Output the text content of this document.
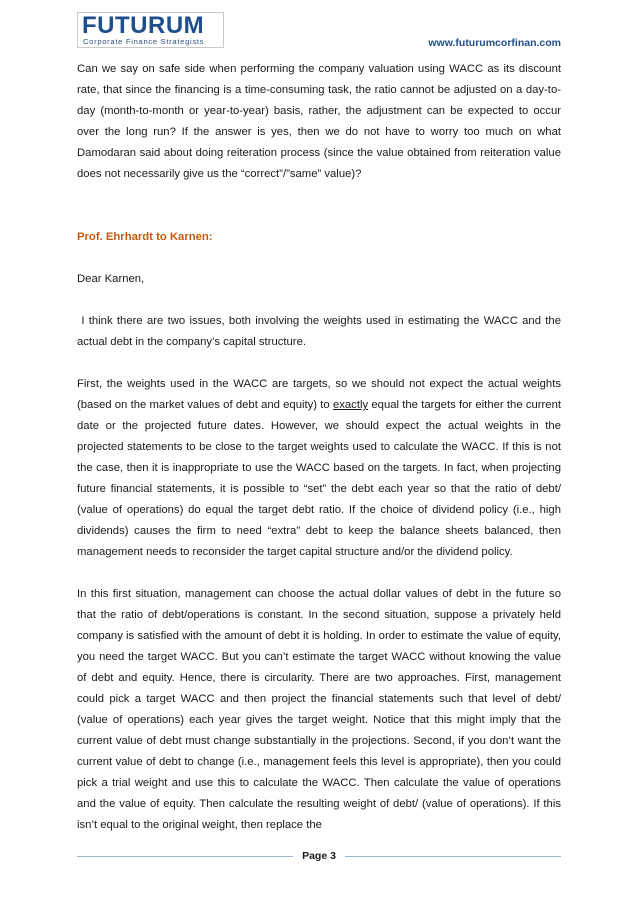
FUTURUM
Corporate Finance Strategists	www.futurumcorfinan.com

Can we say on safe side when performing the company valuation using WACC as its discount rate, that since the financing is a time-consuming task, the ratio cannot be adjusted on a day-to-day (month-to-month or year-to-year) basis, rather, the adjustment can be expected to occur over the long run? If the answer is yes, then we do not have to worry too much on what Damodaran said about doing reiteration process (since the value obtained from reiteration value does not necessarily give us the “correct”/”same” value)?

Prof. Ehrhardt to Karnen:

Dear Karnen,

I think there are two issues, both involving the weights used in estimating the WACC and the actual debt in the company’s capital structure.

First, the weights used in the WACC are targets, so we should not expect the actual weights (based on the market values of debt and equity) to exactly equal the targets for either the current date or the projected future dates. However, we should expect the actual weights in the projected statements to be close to the target weights used to calculate the WACC. If this is not the case, then it is inappropriate to use the WACC based on the targets. In fact, when projecting future financial statements, it is possible to “set” the debt each year so that the ratio of debt/ (value of operations) do equal the target debt ratio. If the choice of dividend policy (i.e., high dividends) causes the firm to need “extra” debt to keep the balance sheets balanced, then management needs to reconsider the target capital structure and/or the dividend policy.

In this first situation, management can choose the actual dollar values of debt in the future so that the ratio of debt/operations is constant. In the second situation, suppose a privately held company is satisfied with the amount of debt it is holding. In order to estimate the value of equity, you need the target WACC. But you can’t estimate the target WACC without knowing the value of debt and equity. Hence, there is circularity. There are two approaches. First, management could pick a target WACC and then project the financial statements such that level of debt/ (value of operations) each year gives the target weight. Notice that this might imply that the current value of debt must change substantially in the projections. Second, if you don’t want the current value of debt to change (i.e., management feels this level is appropriate), then you could pick a trial weight and use this to calculate the WACC. Then calculate the value of operations and the value of equity. Then calculate the resulting weight of debt/ (value of operations). If this isn’t equal to the original weight, then replace the

Page 3
